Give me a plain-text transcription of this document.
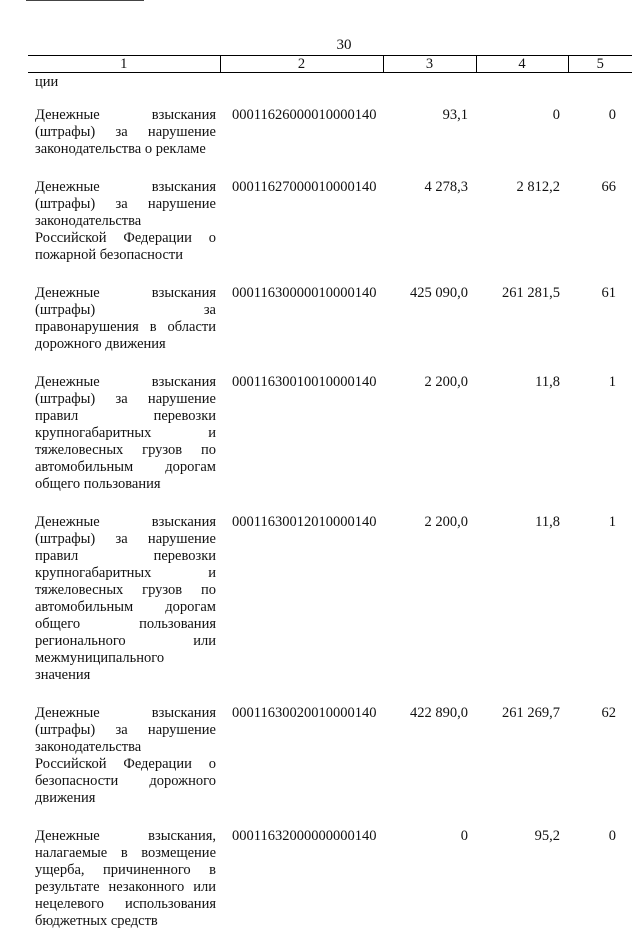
30
1	2	3	4	5
ции				
Денежные взыскания (штрафы) за нарушение законодательства о рекламе	00011626000010000140	93,1	0	0
Денежные взыскания (штрафы) за нарушение законодательства Российской Федерации о пожарной безопасности	00011627000010000140	4 278,3	2 812,2	66
Денежные взыскания (штрафы) за правонарушения в области дорожного движения	00011630000010000140	425 090,0	261 281,5	61
Денежные взыскания (штрафы) за нарушение правил перевозки крупногабаритных и тяжеловесных грузов по автомобильным дорогам общего пользования	00011630010010000140	2 200,0	11,8	1
Денежные взыскания (штрафы) за нарушение правил перевозки крупногабаритных и тяжеловесных грузов по автомобильным дорогам общего пользования регионального или межмуниципального значения	00011630012010000140	2 200,0	11,8	1
Денежные взыскания (штрафы) за нарушение законодательства Российской Федерации о безопасности дорожного движения	00011630020010000140	422 890,0	261 269,7	62
Денежные взыскания, налагаемые в возмещение ущерба, причиненного в результате незаконного или нецелевого использования бюджетных средств	00011632000000000140	0	95,2	0
